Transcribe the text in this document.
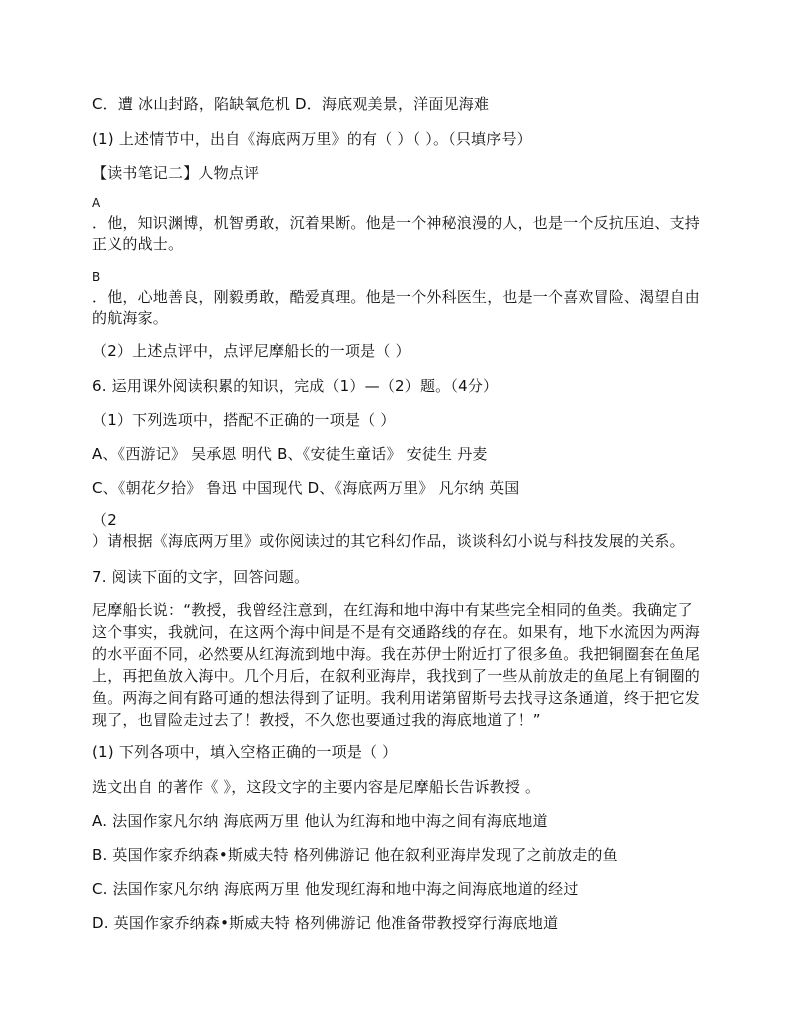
C．遭 冰山封路，陷缺氧危机 D．海底观美景，洋面见海难
(1) 上述情节中，出自《海底两万里》的有（ ）（ ）。（只填序号）
【读书笔记二】人物点评
A
．他，知识渊博，机智勇敢，沉着果断。他是一个神秘浪漫的人，也是一个反抗压迫、支持正义的战士。
B
．他，心地善良，刚毅勇敢，酷爱真理。他是一个外科医生，也是一个喜欢冒险、渴望自由的航海家。
（2）上述点评中，点评尼摩船长的一项是（ ）
6. 运用课外阅读积累的知识，完成（1）—（2）题。（4分）
（1）下列选项中，搭配不正确的一项是（ ）
A、《西游记》 吴承恩 明代 B、《安徒生童话》 安徒生 丹麦
C、《朝花夕拾》 鲁迅 中国现代 D、《海底两万里》 凡尔纳 英国
（2
）请根据《海底两万里》或你阅读过的其它科幻作品，谈谈科幻小说与科技发展的关系。
7. 阅读下面的文字，回答问题。
尼摩船长说：“教授，我曾经注意到，在红海和地中海中有某些完全相同的鱼类。我确定了这个事实，我就问，在这两个海中间是不是有交通路线的存在。如果有，地下水流因为两海的水平面不同，必然要从红海流到地中海。我在苏伊士附近打了很多鱼。我把铜圈套在鱼尾上，再把鱼放入海中。几个月后，在叙利亚海岸，我找到了一些从前放走的鱼尾上有铜圈的鱼。两海之间有路可通的想法得到了证明。我利用诺第留斯号去找寻这条通道，终于把它发现了，也冒险走过去了！教授，不久您也要通过我的海底地道了！”
(1) 下列各项中，填入空格正确的一项是（ ）
选文出自 的著作《 》，这段文字的主要内容是尼摩船长告诉教授 。
A. 法国作家凡尔纳 海底两万里 他认为红海和地中海之间有海底地道
B. 英国作家乔纳森•斯威夫特 格列佛游记 他在叙利亚海岸发现了之前放走的鱼
C. 法国作家凡尔纳 海底两万里 他发现红海和地中海之间海底地道的经过
D. 英国作家乔纳森•斯威夫特 格列佛游记 他准备带教授穿行海底地道
